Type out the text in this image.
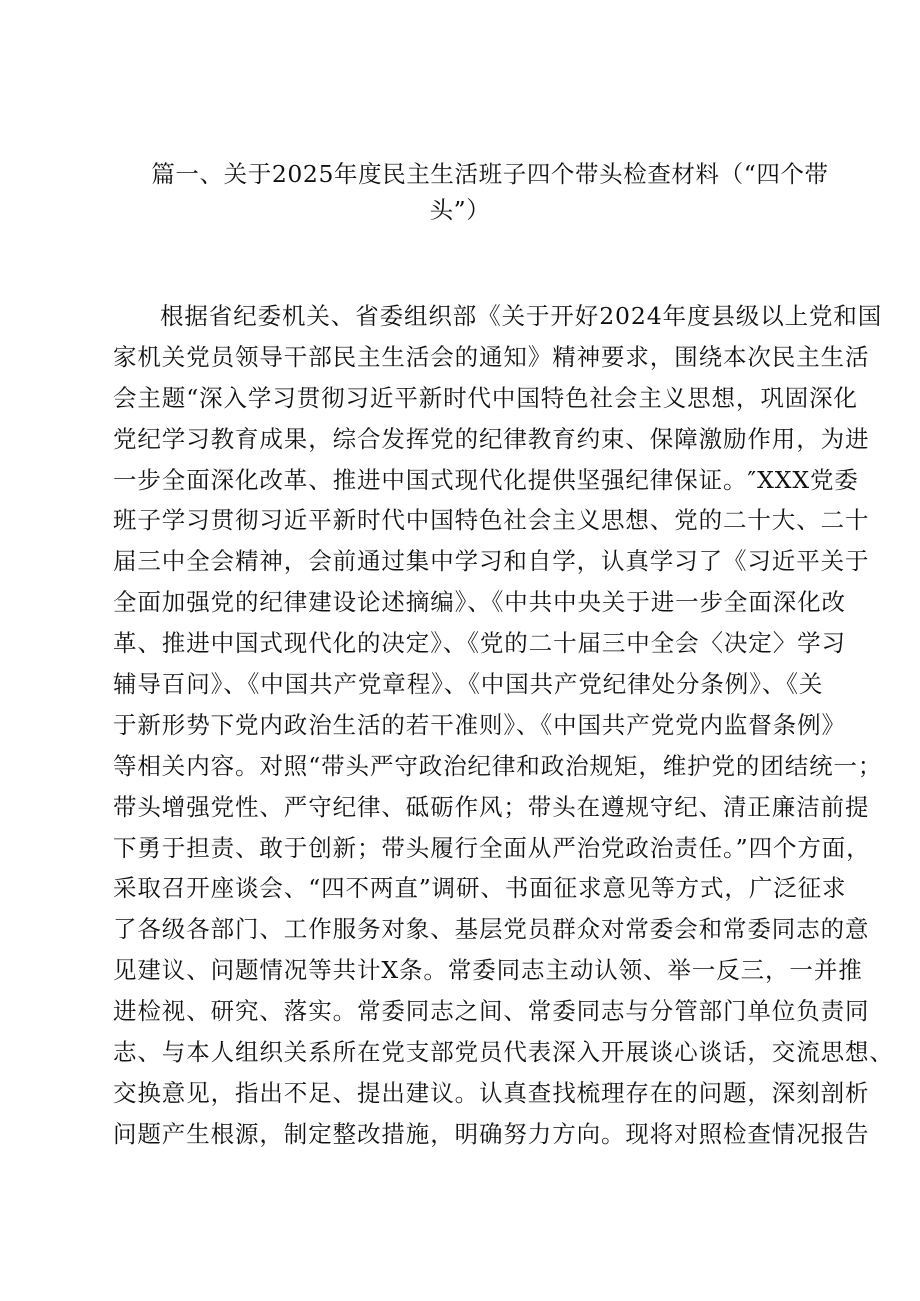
篇一、关于2025年度民主生活班子四个带头检查材料（“四个带
头”）
根据省纪委机关、省委组织部《关于开好2024年度县级以上党和国
家机关党员领导干部民主生活会的通知》精神要求，围绕本次民主生活
会主题“深入学习贯彻习近平新时代中国特色社会主义思想，巩固深化
党纪学习教育成果，综合发挥党的纪律教育约束、保障激励作用，为进
一步全面深化改革、推进中国式现代化提供坚强纪律保证。″XXX党委
班子学习贯彻习近平新时代中国特色社会主义思想、党的二十大、二十
届三中全会精神，会前通过集中学习和自学，认真学习了《习近平关于
全面加强党的纪律建设论述摘编》、《中共中央关于进一步全面深化改
革、推进中国式现代化的决定》、《党的二十届三中全会〈决定〉学习
辅导百问》、《中国共产党章程》、《中国共产党纪律处分条例》、《关
于新形势下党内政治生活的若干准则》、《中国共产党党内监督条例》
等相关内容。对照“带头严守政治纪律和政治规矩，维护党的团结统一；
带头增强党性、严守纪律、砥砺作风；带头在遵规守纪、清正廉洁前提
下勇于担责、敢于创新；带头履行全面从严治党政治责任。”四个方面，
采取召开座谈会、“四不两直”调研、书面征求意见等方式，广泛征求
了各级各部门、工作服务对象、基层党员群众对常委会和常委同志的意
见建议、问题情况等共计X条。常委同志主动认领、举一反三，一并推
进检视、研究、落实。常委同志之间、常委同志与分管部门单位负责同
志、与本人组织关系所在党支部党员代表深入开展谈心谈话，交流思想、
交换意见，指出不足、提出建议。认真查找梳理存在的问题，深刻剖析
问题产生根源，制定整改措施，明确努力方向。现将对照检查情况报告
